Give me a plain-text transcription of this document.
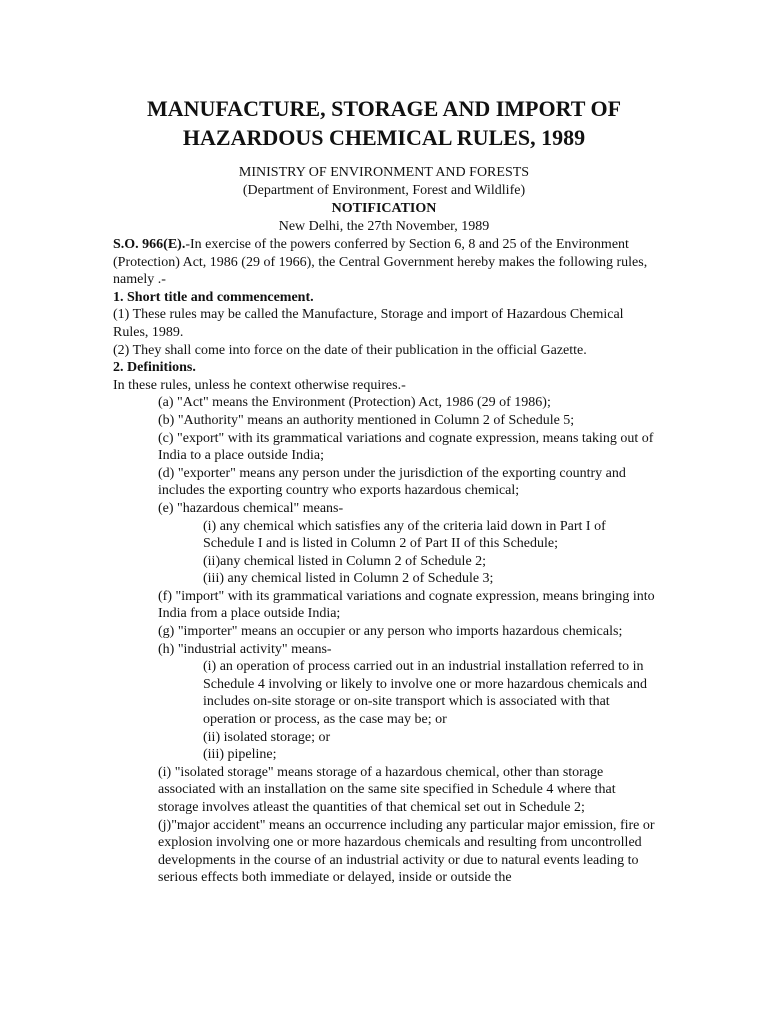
MANUFACTURE, STORAGE AND IMPORT OF
HAZARDOUS CHEMICAL RULES, 1989
MINISTRY OF ENVIRONMENT AND FORESTS
(Department of Environment, Forest and Wildlife)
NOTIFICATION
New Delhi, the 27th November, 1989

S.O. 966(E).-In exercise of the powers conferred by Section 6, 8 and 25 of the Environment (Protection) Act, 1986 (29 of 1966), the Central Government hereby makes the following rules, namely .-

1. Short title and commencement.

(1) These rules may be called the Manufacture, Storage and import of Hazardous Chemical Rules, 1989.

(2) They shall come into force on the date of their publication in the official Gazette.

2. Definitions.

In these rules, unless he context otherwise requires.-

(a) "Act" means the Environment (Protection) Act, 1986 (29 of 1986);

(b) "Authority" means an authority mentioned in Column 2 of Schedule 5;

(c) "export" with its grammatical variations and cognate expression, means taking out of India to a place outside India;

(d) "exporter" means any person under the jurisdiction of the exporting country and includes the exporting country who exports hazardous chemical;

(e) "hazardous chemical" means-

(i) any chemical which satisfies any of the criteria laid down in Part I of Schedule I and is listed in Column 2 of Part II of this Schedule;

(ii)any chemical listed in Column 2 of Schedule 2;

(iii) any chemical listed in Column 2 of Schedule 3;

(f) "import" with its grammatical variations and cognate expression, means bringing into India from a place outside India;

(g) "importer" means an occupier or any person who imports hazardous chemicals;

(h) "industrial activity" means-

(i) an operation of process carried out in an industrial installation referred to in Schedule 4 involving or likely to involve one or more hazardous chemicals and includes on-site storage or on-site transport which is associated with that operation or process, as the case may be; or

(ii) isolated storage; or

(iii) pipeline;

(i) "isolated storage" means storage of a hazardous chemical, other than storage associated with an installation on the same site specified in Schedule 4 where that storage involves atleast the quantities of that chemical set out in Schedule 2;

(j)"major accident" means an occurrence including any particular major emission, fire or explosion involving one or more hazardous chemicals and resulting from uncontrolled developments in the course of an industrial activity or due to natural events leading to serious effects both immediate or delayed, inside or outside the
